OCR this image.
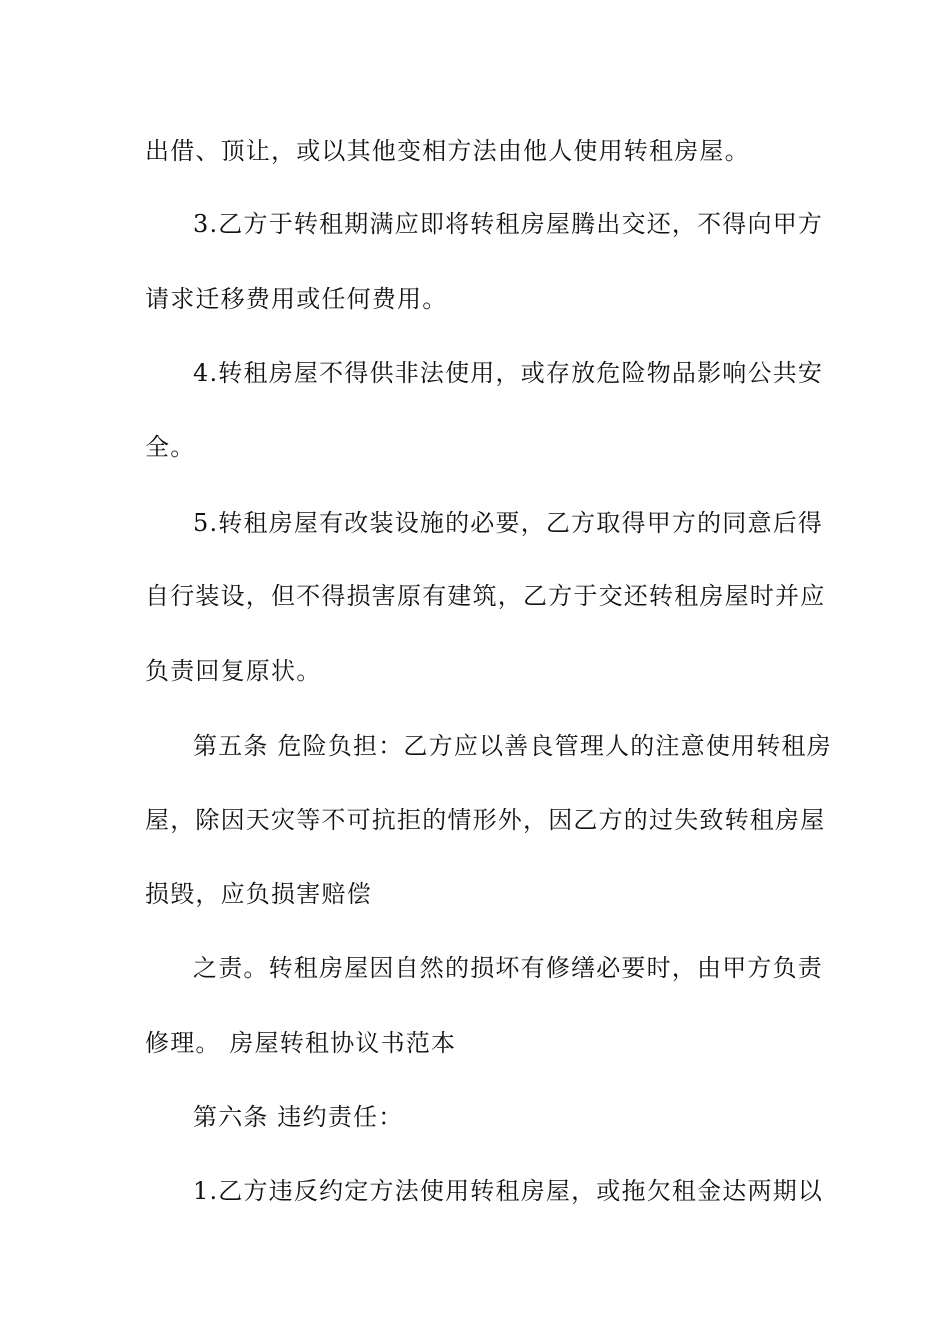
出借、顶让，或以其他变相方法由他人使用转租房屋。
3.乙方于转租期满应即将转租房屋腾出交还，不得向甲方
请求迁移费用或任何费用。
4.转租房屋不得供非法使用，或存放危险物品影响公共安
全。
5.转租房屋有改装设施的必要，乙方取得甲方的同意后得
自行装设，但不得损害原有建筑，乙方于交还转租房屋时并应
负责回复原状。
第五条 危险负担：乙方应以善良管理人的注意使用转租房
屋，除因天灾等不可抗拒的情形外，因乙方的过失致转租房屋
损毁，应负损害赔偿
之责。转租房屋因自然的损坏有修缮必要时，由甲方负责
修理。 房屋转租协议书范本
第六条 违约责任：
1.乙方违反约定方法使用转租房屋，或拖欠租金达两期以
